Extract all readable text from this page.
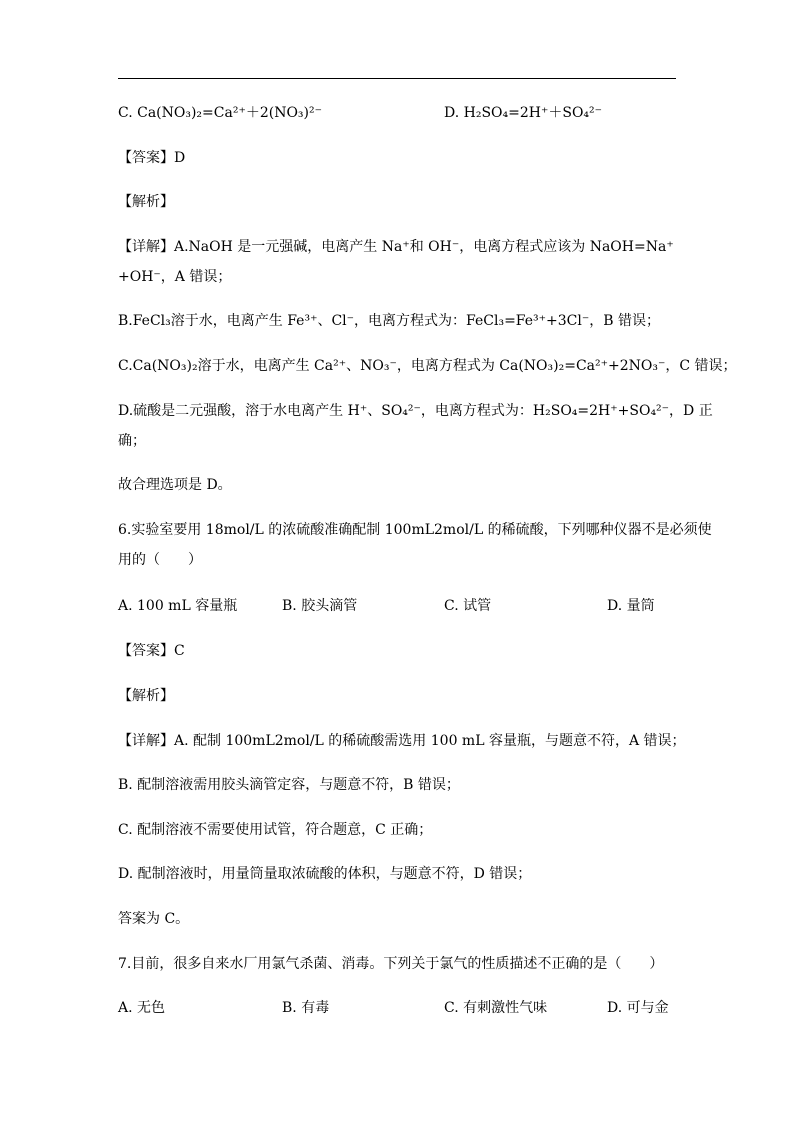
C. Ca(NO₃)₂=Ca²⁺＋2(NO₃)²⁻	D. H₂SO₄=2H⁺＋SO₄²⁻
【答案】D
【解析】
【详解】A.NaOH 是一元强碱，电离产生 Na⁺和 OH⁻，电离方程式应该为 NaOH=Na⁺
+OH⁻，A 错误；
B.FeCl₃溶于水，电离产生 Fe³⁺、Cl⁻，电离方程式为：FeCl₃=Fe³⁺+3Cl⁻，B 错误；
C.Ca(NO₃)₂溶于水，电离产生 Ca²⁺、NO₃⁻，电离方程式为 Ca(NO₃)₂=Ca²⁺+2NO₃⁻，C 错误；
D.硫酸是二元强酸，溶于水电离产生 H⁺、SO₄²⁻，电离方程式为：H₂SO₄=2H⁺+SO₄²⁻，D 正
确；
故合理选项是 D。
6.实验室要用 18mol/L 的浓硫酸准确配制 100mL2mol/L 的稀硫酸，下列哪种仪器不是必须使
用的（　　）
A. 100 mL 容量瓶	B. 胶头滴管	C. 试管	D. 量筒
【答案】C
【解析】
【详解】A. 配制 100mL2mol/L 的稀硫酸需选用 100 mL 容量瓶，与题意不符，A 错误；
B. 配制溶液需用胶头滴管定容，与题意不符，B 错误；
C. 配制溶液不需要使用试管，符合题意，C 正确；
D. 配制溶液时，用量筒量取浓硫酸的体积，与题意不符，D 错误；
答案为 C。
7.目前，很多自来水厂用氯气杀菌、消毒。下列关于氯气的性质描述不正确的是（　　）
A. 无色	B. 有毒	C. 有刺激性气味	D. 可与金
